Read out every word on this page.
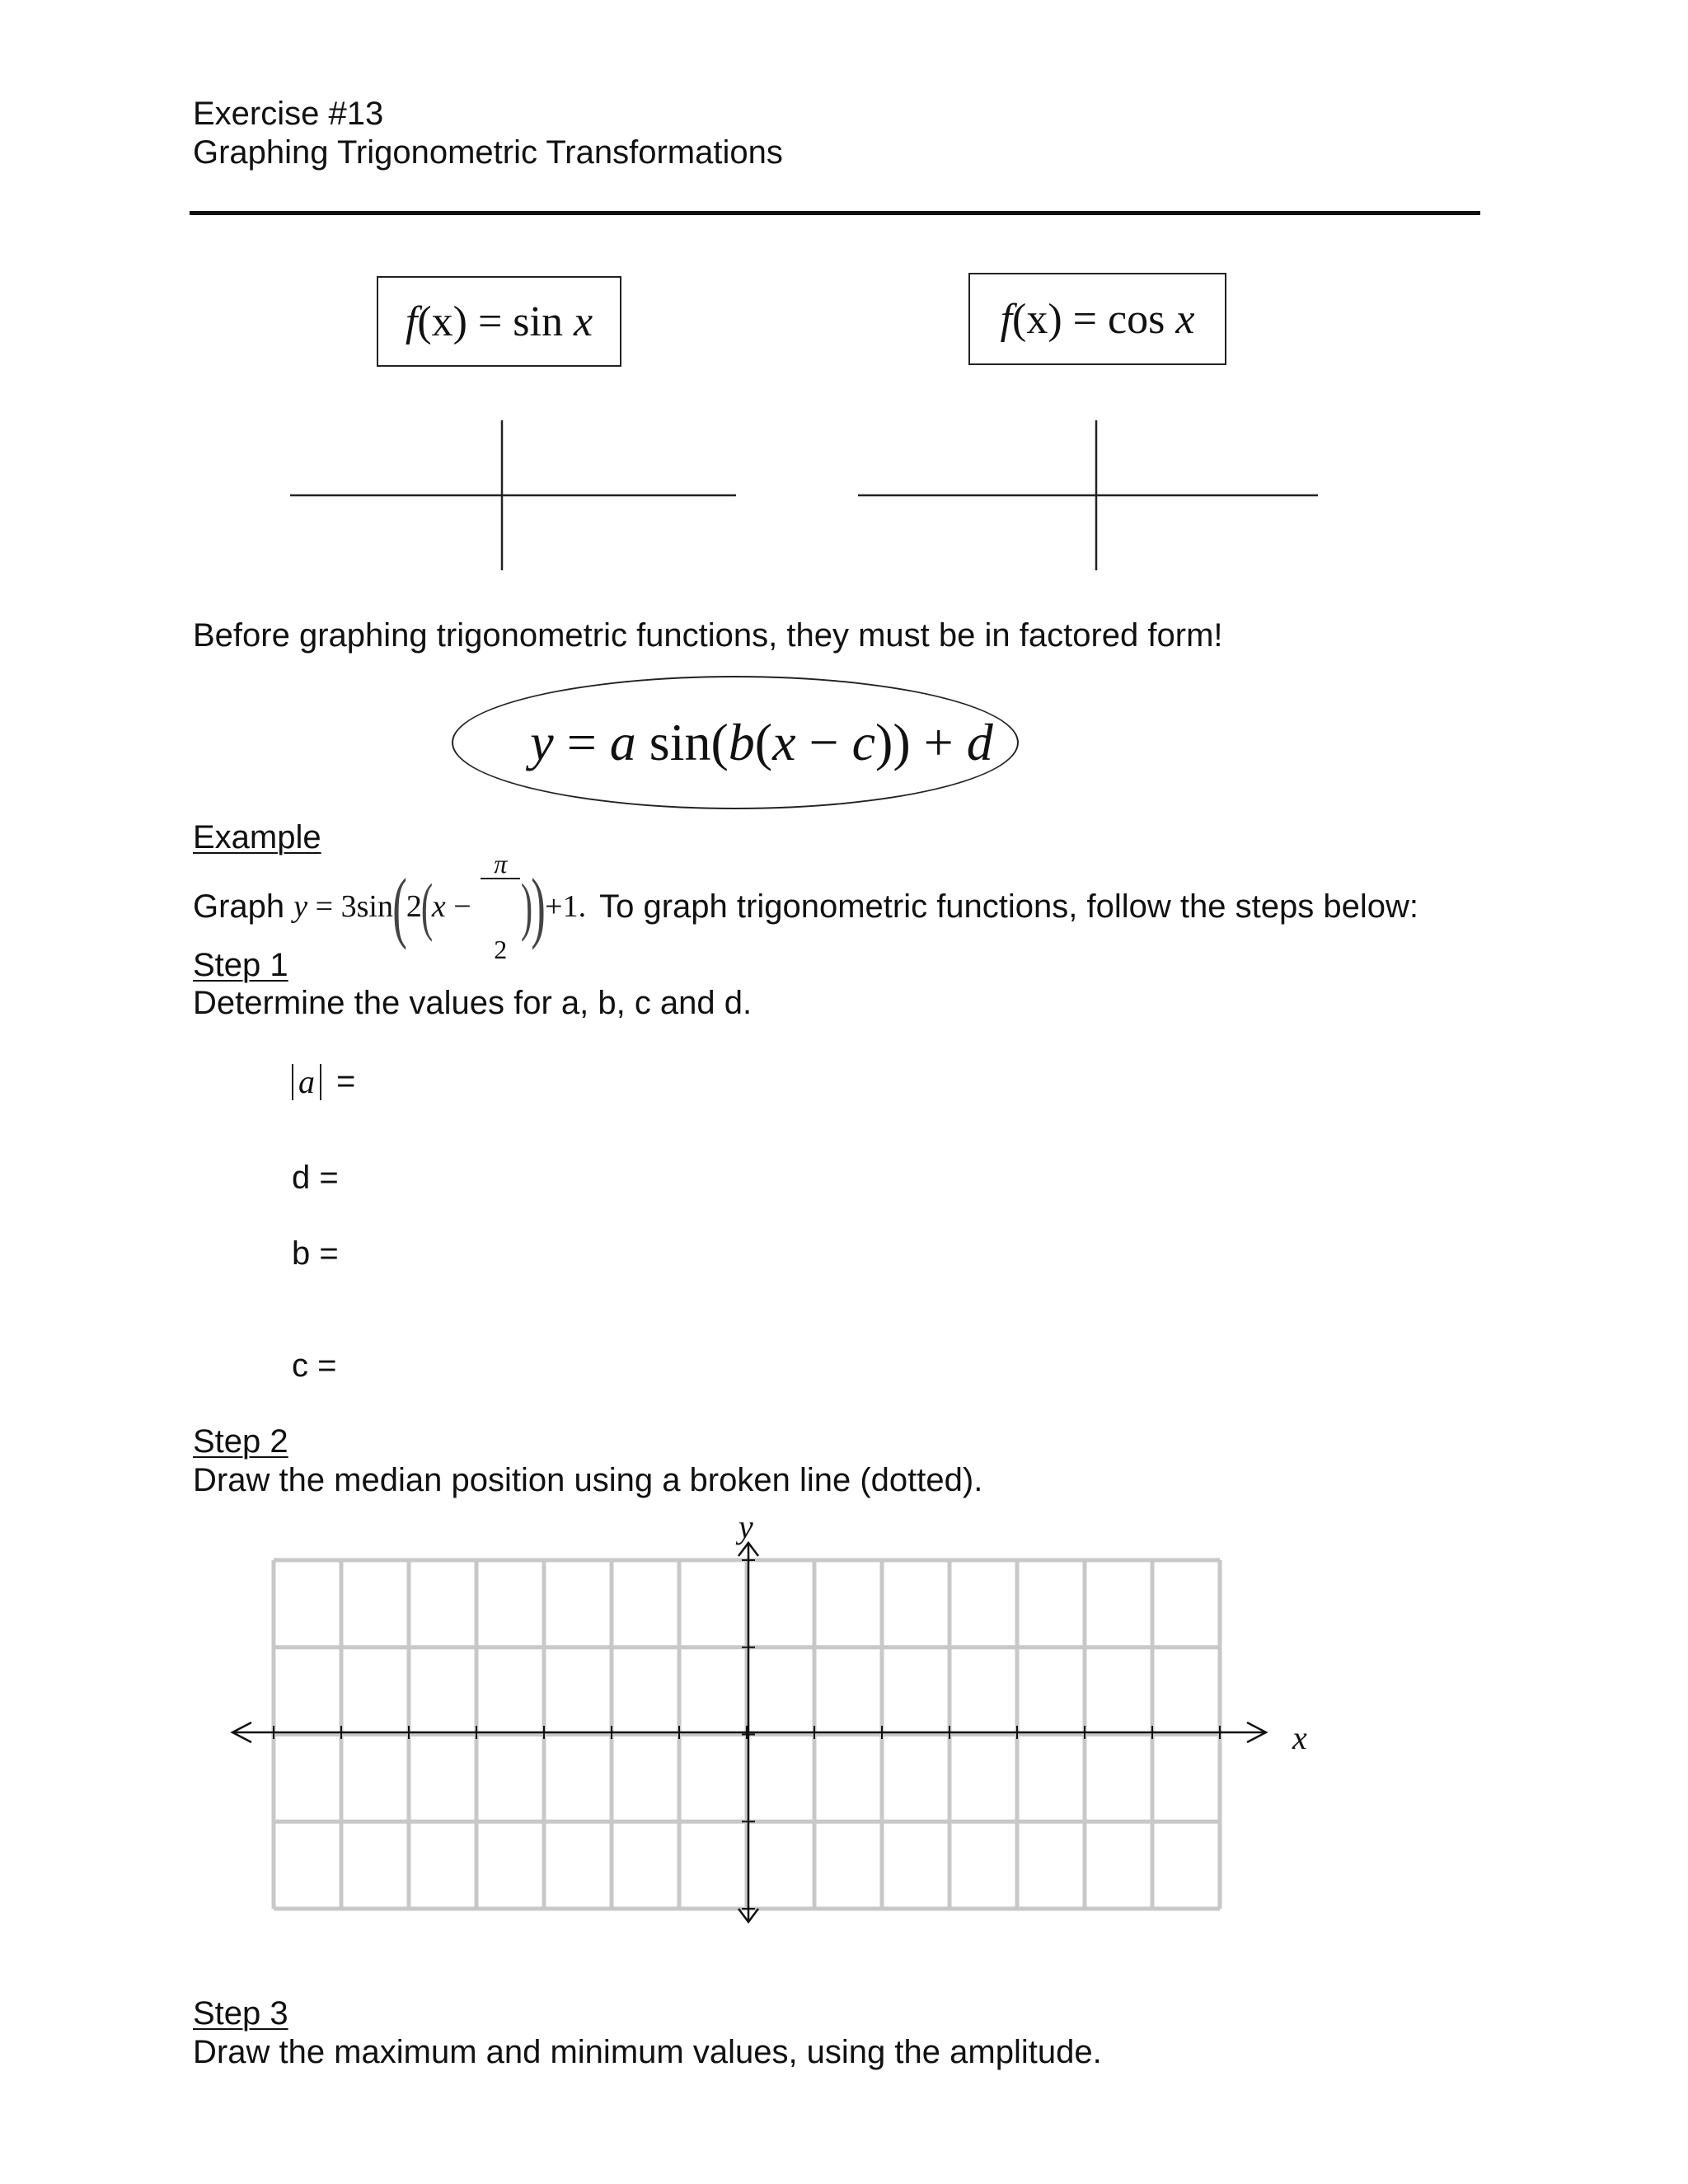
Exercise #13
Graphing Trigonometric Transformations
f (x) = sin x	f (x) = cos x
Before graphing trigonometric functions, they must be in factored form!

y = a sin(b(x − c)) + d

Example
Graph y = 3sin ( 2
(
x −

$\frac{\pi}{2}$

)
) +1 . To graph trigonometric functions, follow the steps below:
Step 1
Determine the values for a, b, c and d.
a =
d =
b =
c =
Step 2
Draw the median position using a broken line (dotted).
x
y
Step 3
Draw the maximum and minimum values, using the amplitude.
